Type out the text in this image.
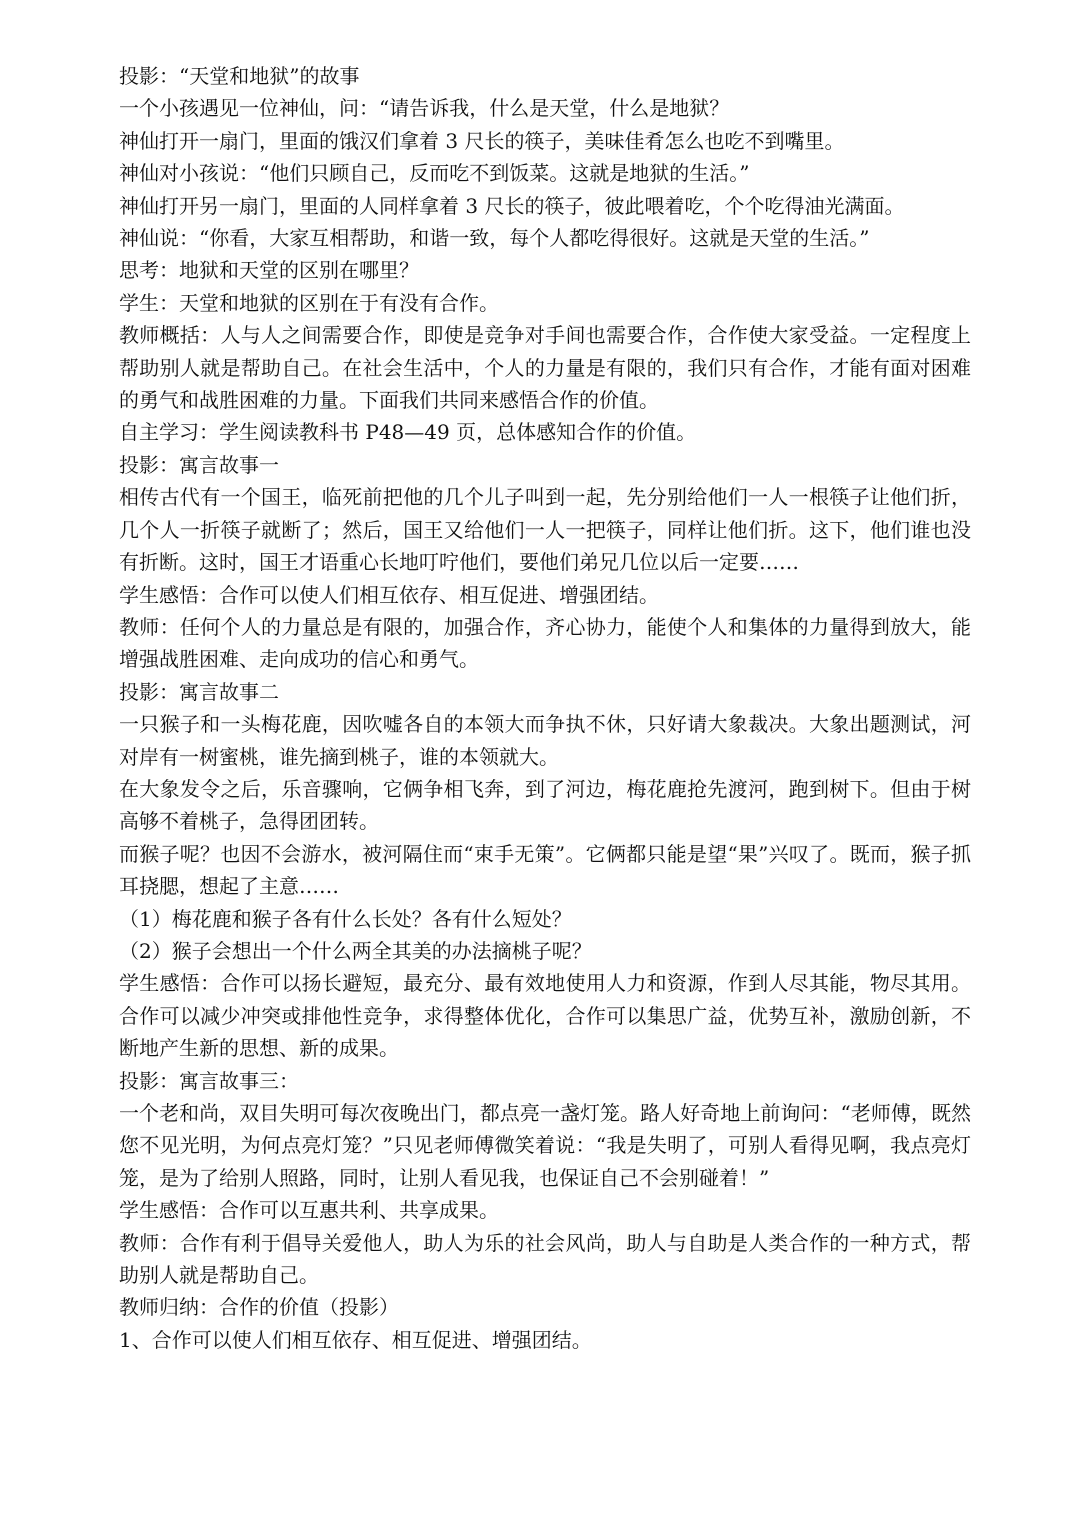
投影：“天堂和地狱”的故事

一个小孩遇见一位神仙，问：“请告诉我，什么是天堂，什么是地狱？

神仙打开一扇门，里面的饿汉们拿着 3 尺长的筷子，美味佳肴怎么也吃不到嘴里。

神仙对小孩说：“他们只顾自己，反而吃不到饭菜。这就是地狱的生活。”

神仙打开另一扇门，里面的人同样拿着 3 尺长的筷子，彼此喂着吃，个个吃得油光满面。

神仙说：“你看，大家互相帮助，和谐一致，每个人都吃得很好。这就是天堂的生活。”

思考：地狱和天堂的区别在哪里？

学生：天堂和地狱的区别在于有没有合作。

教师概括：人与人之间需要合作，即使是竞争对手间也需要合作，合作使大家受益。一定程度上帮助别人就是帮助自己。在社会生活中，个人的力量是有限的，我们只有合作，才能有面对困难的勇气和战胜困难的力量。下面我们共同来感悟合作的价值。

自主学习：学生阅读教科书 P48—49 页，总体感知合作的价值。

投影：寓言故事一

相传古代有一个国王，临死前把他的几个儿子叫到一起，先分别给他们一人一根筷子让他们折，几个人一折筷子就断了；然后，国王又给他们一人一把筷子，同样让他们折。这下，他们谁也没有折断。这时，国王才语重心长地叮咛他们，要他们弟兄几位以后一定要……

学生感悟：合作可以使人们相互依存、相互促进、增强团结。

教师：任何个人的力量总是有限的，加强合作，齐心协力，能使个人和集体的力量得到放大，能增强战胜困难、走向成功的信心和勇气。

投影：寓言故事二

一只猴子和一头梅花鹿，因吹嘘各自的本领大而争执不休，只好请大象裁决。大象出题测试，河对岸有一树蜜桃，谁先摘到桃子，谁的本领就大。

在大象发令之后，乐音骤响，它俩争相飞奔，到了河边，梅花鹿抢先渡河，跑到树下。但由于树高够不着桃子，急得团团转。

而猴子呢？也因不会游水，被河隔住而“束手无策”。它俩都只能是望“果”兴叹了。既而，猴子抓耳挠腮，想起了主意……

（1）梅花鹿和猴子各有什么长处？各有什么短处？

（2）猴子会想出一个什么两全其美的办法摘桃子呢？

学生感悟：合作可以扬长避短，最充分、最有效地使用人力和资源，作到人尽其能，物尽其用。合作可以减少冲突或排他性竞争，求得整体优化，合作可以集思广益，优势互补，激励创新，不断地产生新的思想、新的成果。

投影：寓言故事三：

一个老和尚，双目失明可每次夜晚出门，都点亮一盏灯笼。路人好奇地上前询问：“老师傅，既然您不见光明，为何点亮灯笼？”只见老师傅微笑着说：“我是失明了，可别人看得见啊，我点亮灯笼，是为了给别人照路，同时，让别人看见我，也保证自己不会别碰着！”

学生感悟：合作可以互惠共利、共享成果。

教师：合作有利于倡导关爱他人，助人为乐的社会风尚，助人与自助是人类合作的一种方式，帮助别人就是帮助自己。

教师归纳：合作的价值（投影）

1、合作可以使人们相互依存、相互促进、增强团结。
